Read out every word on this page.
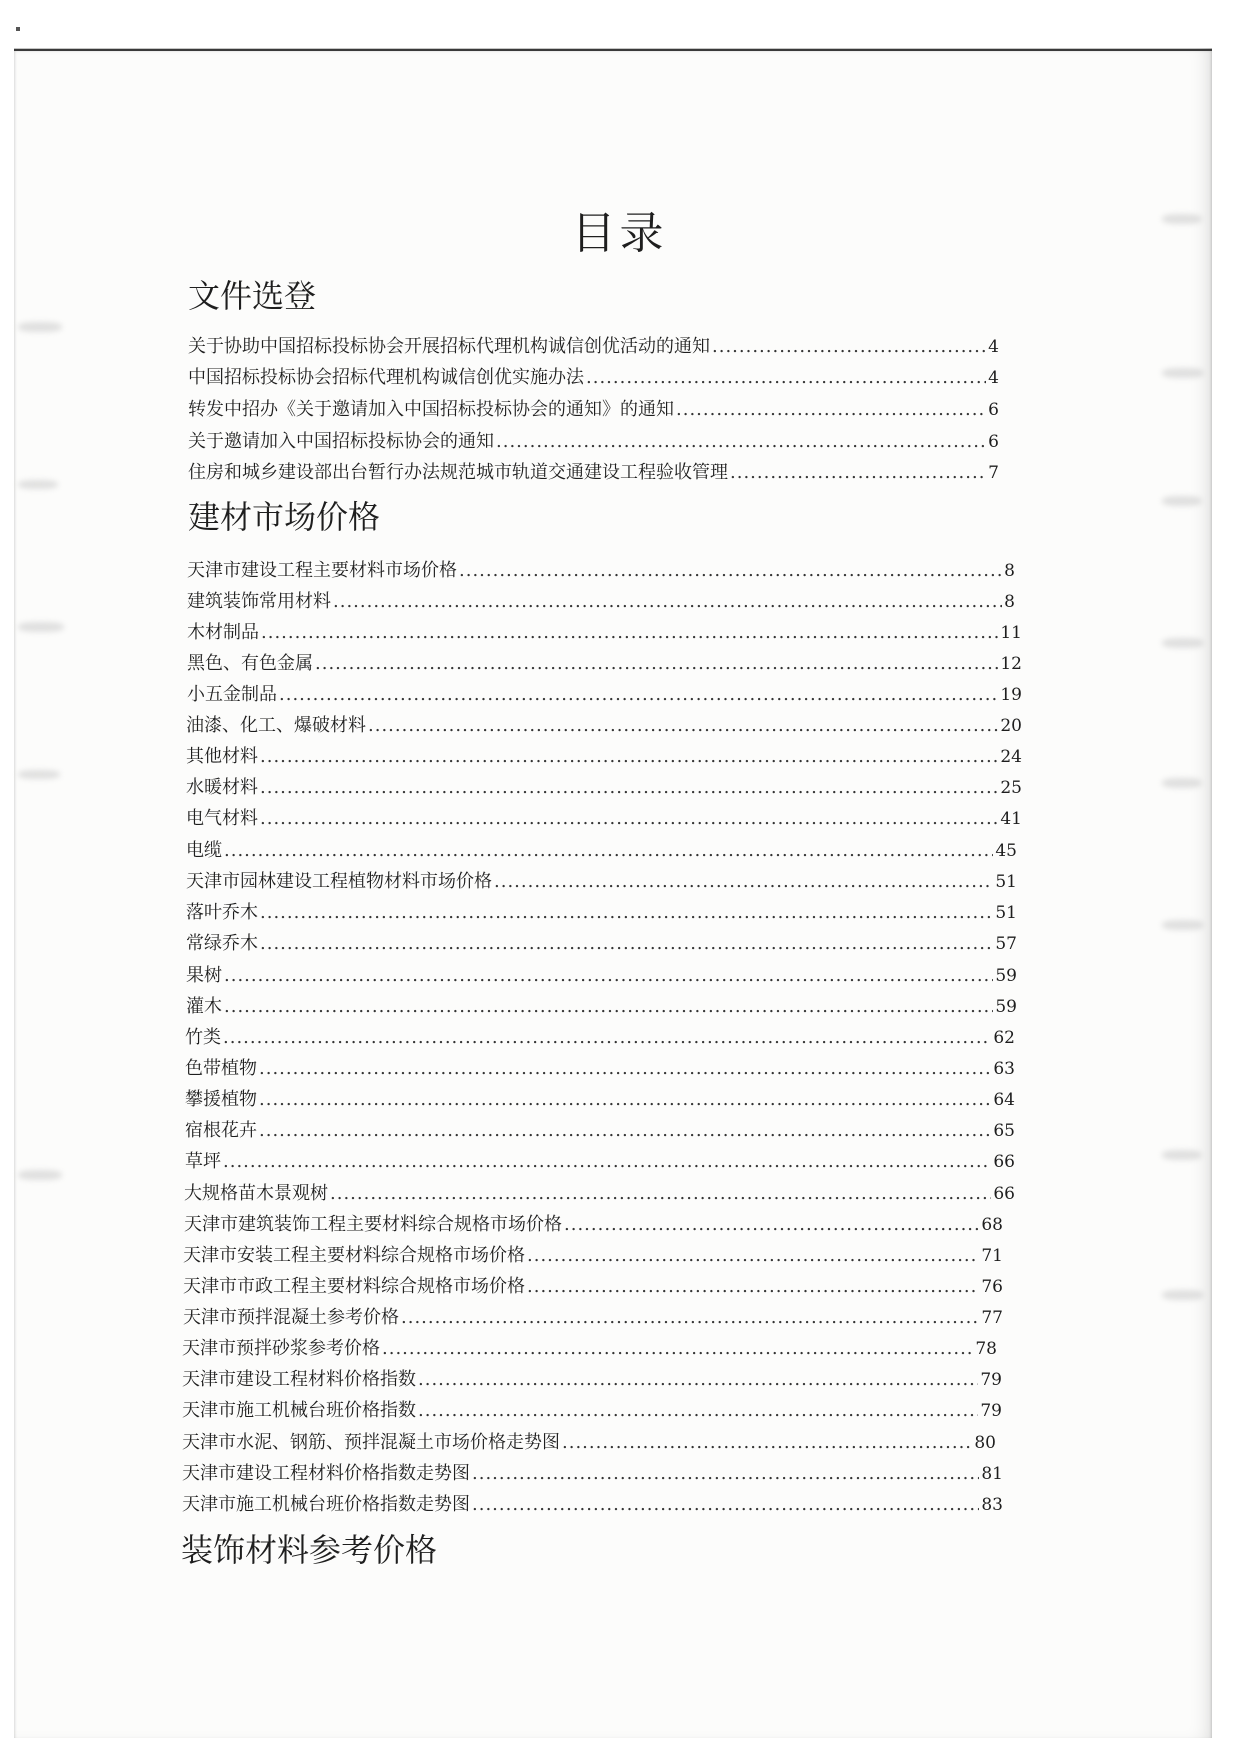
目录
文件选登
关于协助中国招标投标协会开展招标代理机构诚信创优活动的通知 .....	4
中国招标投标协会招标代理机构诚信创优实施办法 .....	4
转发中招办《关于邀请加入中国招标投标协会的通知》的通知 .....	6
关于邀请加入中国招标投标协会的通知 .....	6
住房和城乡建设部出台暂行办法规范城市轨道交通建设工程验收管理 .....	7
建材市场价格
天津市建设工程主要材料市场价格 .....	8
建筑装饰常用材料 .....	8
木材制品 .....	11
黑色、有色金属 .....	12
小五金制品 .....	19
油漆、化工、爆破材料 .....	20
其他材料 .....	24
水暖材料 .....	25
电气材料 .....	41
电缆 .....	45
天津市园林建设工程植物材料市场价格 .....	51
落叶乔木 .....	51
常绿乔木 .....	57
果树 .....	59
灌木 .....	59
竹类 .....	62
色带植物 .....	63
攀援植物 .....	64
宿根花卉 .....	65
草坪 .....	66
大规格苗木景观树 .....	66
天津市建筑装饰工程主要材料综合规格市场价格 .....	68
天津市安装工程主要材料综合规格市场价格 .....	71
天津市市政工程主要材料综合规格市场价格 .....	76
天津市预拌混凝土参考价格 .....	77
天津市预拌砂浆参考价格 .....	78
天津市建设工程材料价格指数 .....	79
天津市施工机械台班价格指数 .....	79
天津市水泥、钢筋、预拌混凝土市场价格走势图 .....	80
天津市建设工程材料价格指数走势图 .....	81
天津市施工机械台班价格指数走势图 .....	83
装饰材料参考价格
